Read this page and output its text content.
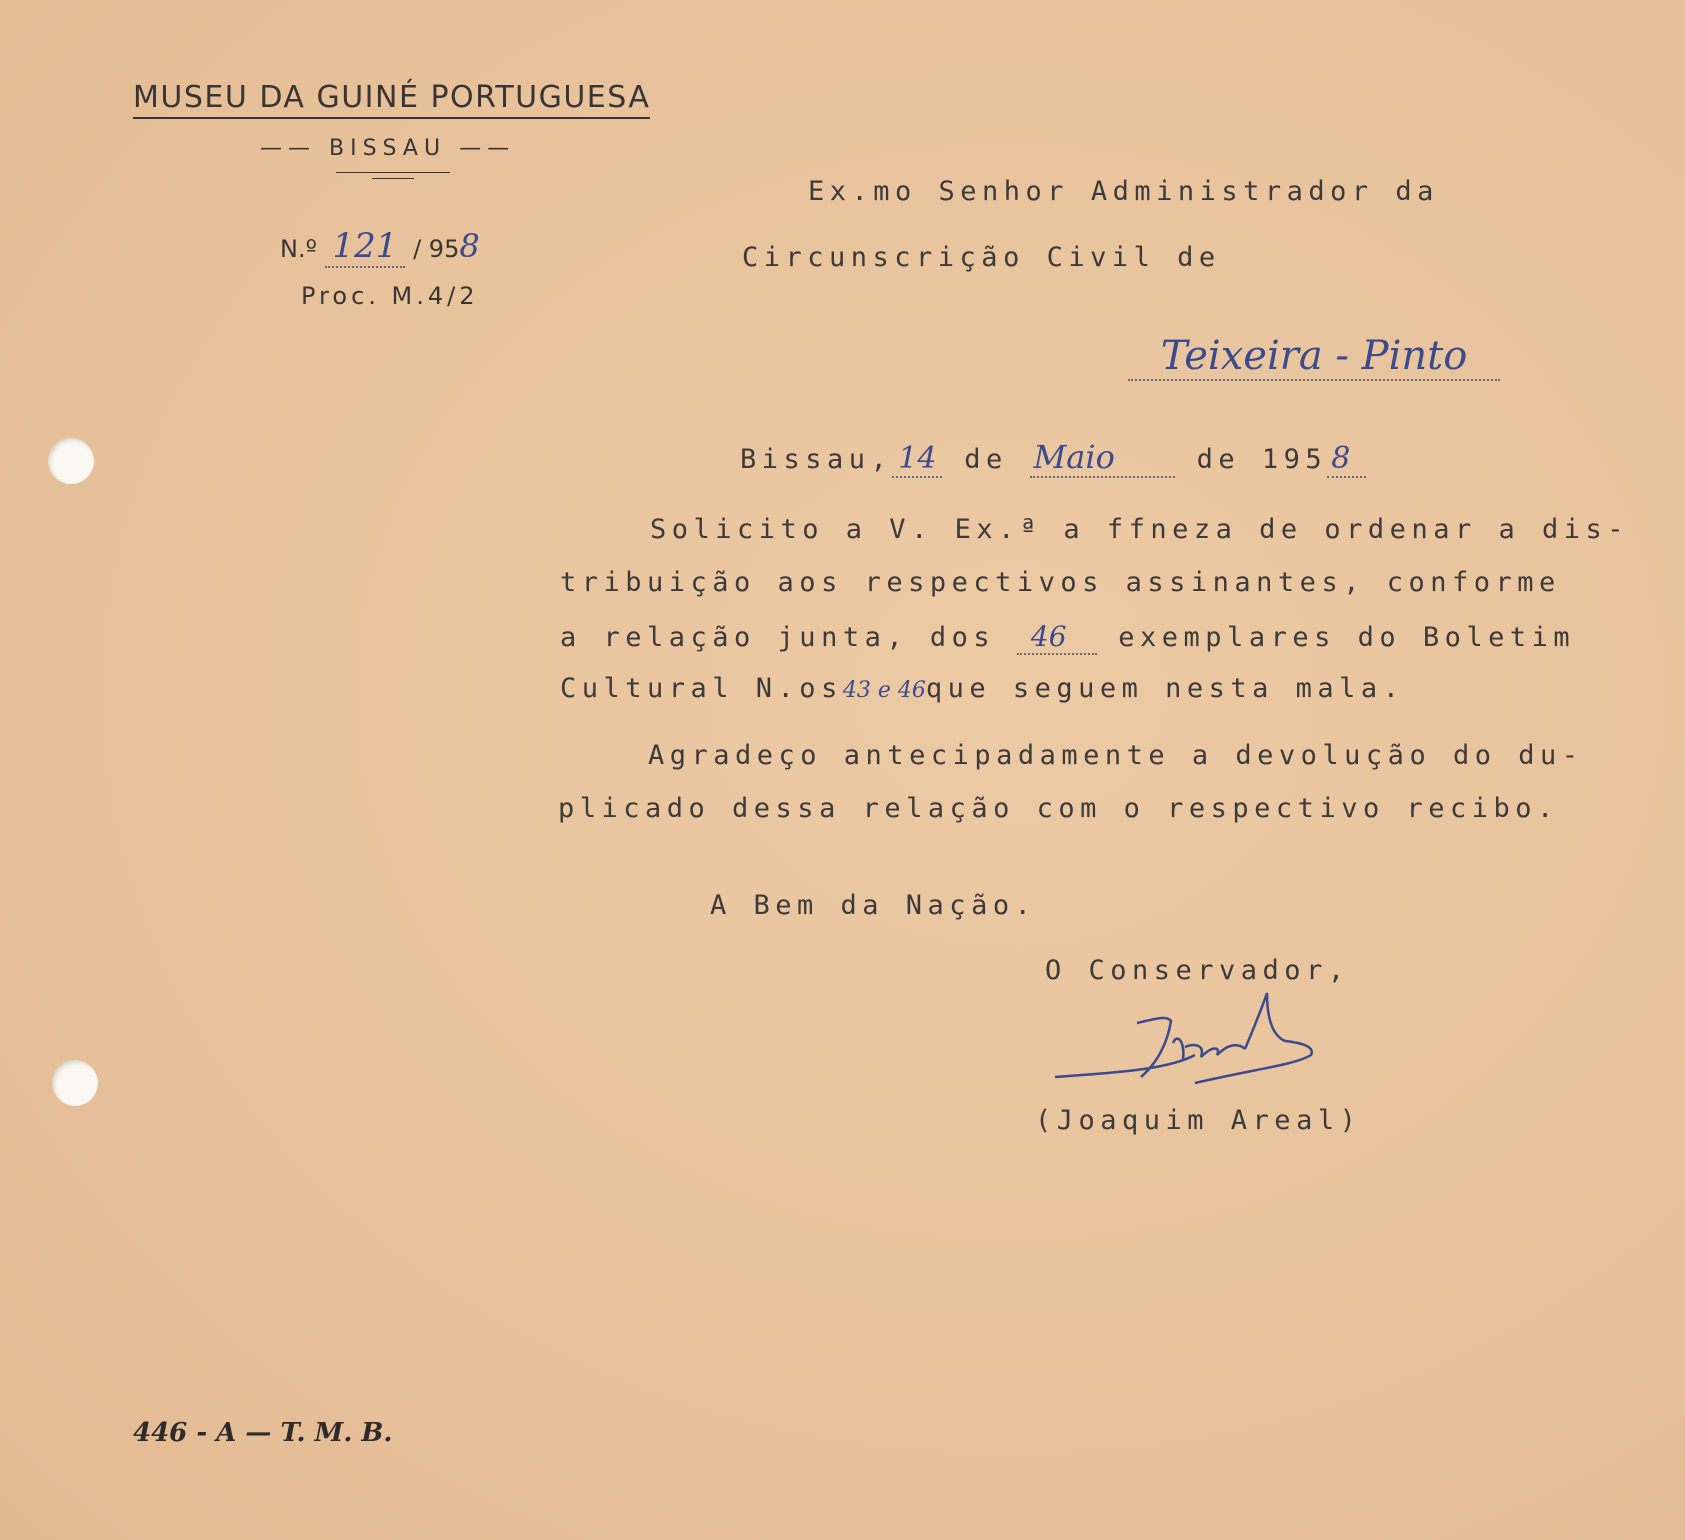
MUSEU DA GUINÉ PORTUGUESA
—— BISSAU ——
N.º 121 / 958
Proc. M.4/2
Ex.mo Senhor Administrador da
Circunscrição Civil de
Teixeira - Pinto
Bissau, 14 de Maio	de 195 8
Solicito a V. Ex.ª a ffneza de ordenar a dis-
tribuição aos respectivos assinantes, conforme
a relação junta, dos 46 exemplares do Boletim
Cultural N.os43 e 46que seguem nesta mala.
Agradeço antecipadamente a devolução do du-
plicado dessa relação com o respectivo recibo.
A Bem da Nação.
O Conservador,
(Joaquim Areal)
446 - A — T. M. B.
